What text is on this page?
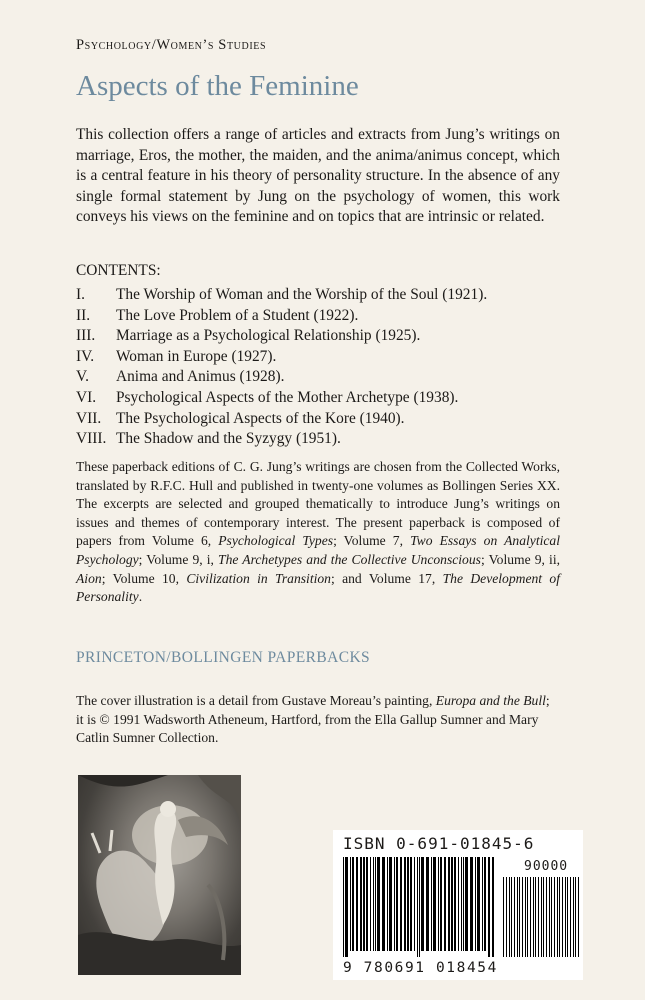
Psychology/Women’s Studies
Aspects of the Feminine

This collection offers a range of articles and extracts from Jung’s writings on marriage, Eros, the mother, the maiden, and the anima/animus concept, which is a central feature in his theory of personality structure. In the absence of any single formal statement by Jung on the psychology of women, this work conveys his views on the feminine and on topics that are intrinsic or related.

CONTENTS:
I.	The Worship of Woman and the Worship of the Soul (1921).
II.	The Love Problem of a Student (1922).
III.	Marriage as a Psychological Relationship (1925).
IV.	Woman in Europe (1927).
V.	Anima and Animus (1928).
VI.	Psychological Aspects of the Mother Archetype (1938).
VII. The Psychological Aspects of the Kore (1940).
VIII. The Shadow and the Syzygy (1951).

These paperback editions of C. G. Jung’s writings are chosen from the Collected Works, translated by R.F.C. Hull and published in twenty-one volumes as Bollingen Series XX. The excerpts are selected and grouped thematically to introduce Jung’s writings on issues and themes of contemporary interest. The present paperback is composed of papers from Volume 6, Psychological Types; Volume 7, Two Essays on Analytical Psychology; Volume 9, i, The Archetypes and the Collective Unconscious; Volume 9, ii, Aion; Volume 10, Civilization in Transition; and Volume 17, The Development of Personality.

PRINCETON/BOLLINGEN PAPERBACKS

The cover illustration is a detail from Gustave Moreau’s painting, Europa and the Bull; it is © 1991 Wadsworth Atheneum, Hartford, from the Ella Gallup Sumner and Mary Catlin Sumner Collection.

ISBN 0-691-01845-6
90000
9 780691 018454
